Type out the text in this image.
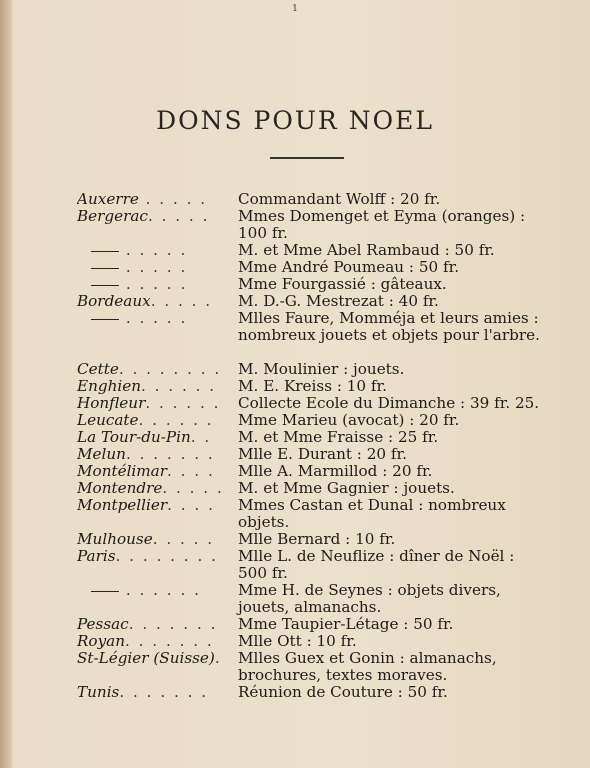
1
DONS POUR NOEL
Auxerre . . . . .	Commandant Wolff : 20 fr.
Bergerac. . . . .	Mmes Domenget et Eyma (oranges) : 100 fr.
. . . . .	M. et Mme Abel Rambaud : 50 fr.
. . . . .	Mme André Poumeau : 50 fr.
. . . . .	Mme Fourgassié : gâteaux.
Bordeaux. . . . .	M. D.-G. Mestrezat : 40 fr.
. . . . .	Mlles Faure, Momméja et leurs amies : nombreux jouets et objets pour l'arbre.
Cette. . . . . . . .	M. Moulinier : jouets.
Enghien. . . . . .	M. E. Kreiss : 10 fr.
Honfleur. . . . . .	Collecte Ecole du Dimanche : 39 fr. 25.
Leucate. . . . . .	Mme Marieu (avocat) : 20 fr.
La Tour-du-Pin. .	M. et Mme Fraisse : 25 fr.
Melun. . . . . . .	Mlle E. Durant : 20 fr.
Montélimar. . . .	Mlle A. Marmillod : 20 fr.
Montendre. . . . . M. et Mme Gagnier : jouets.
Montpellier. . . .	Mmes Castan et Dunal : nombreux objets.
Mulhouse. . . . .	Mlle Bernard : 10 fr.
Paris. . . . . . . .	Mlle L. de Neuflize : dîner de Noël : 500 fr.
. . . . . .	Mme H. de Seynes : objets divers, jouets, almanachs.
Pessac. . . . . . .	Mme Taupier-Létage : 50 fr.
Royan. . . . . . .	Mlle Ott : 10 fr.
St-Légier (Suisse).	Mlles Guex et Gonin : almanachs, brochures, textes moraves.
Tunis. . . . . . .	Réunion de Couture : 50 fr.
